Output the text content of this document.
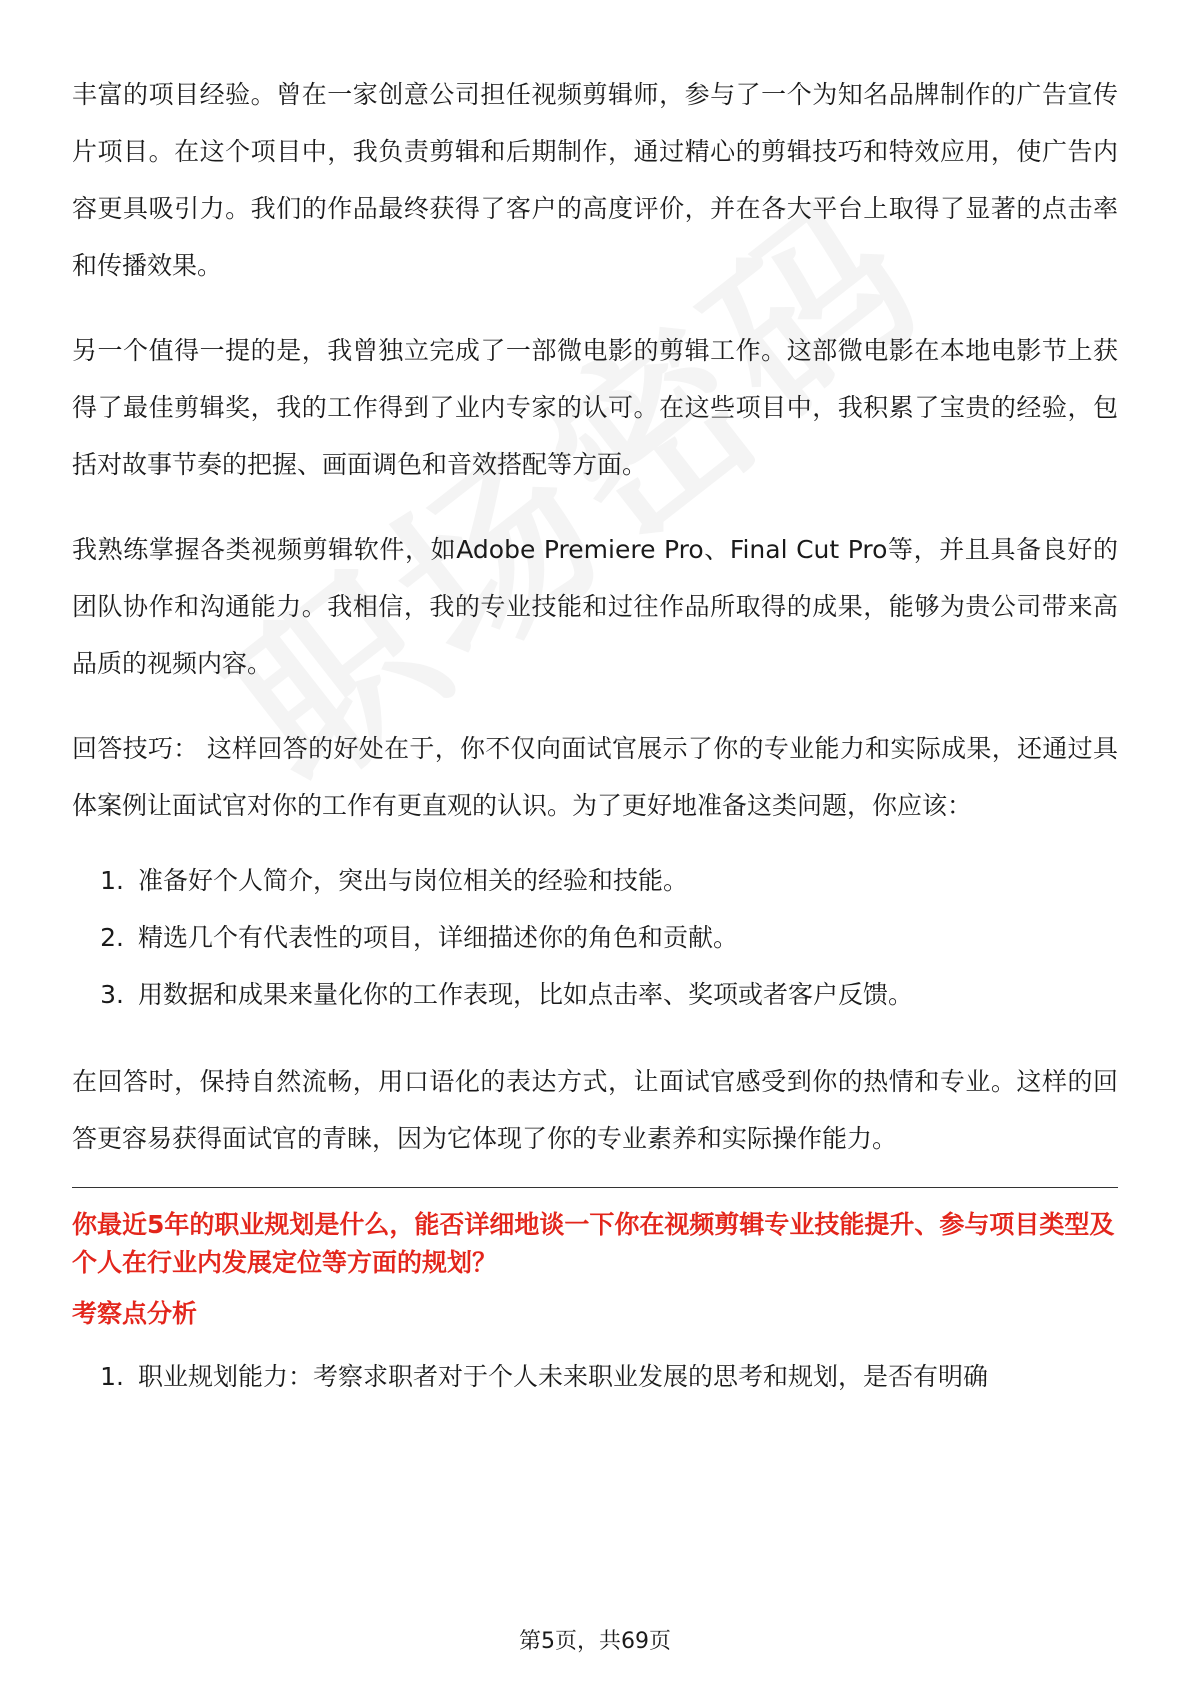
丰富的项目经验。曾在一家创意公司担任视频剪辑师，参与了一个为知名品牌制作的广告宣传片项目。在这个项目中，我负责剪辑和后期制作，通过精心的剪辑技巧和特效应用，使广告内容更具吸引力。我们的作品最终获得了客户的高度评价，并在各大平台上取得了显著的点击率和传播效果。

另一个值得一提的是，我曾独立完成了一部微电影的剪辑工作。这部微电影在本地电影节上获得了最佳剪辑奖，我的工作得到了业内专家的认可。在这些项目中，我积累了宝贵的经验，包括对故事节奏的把握、画面调色和音效搭配等方面。

我熟练掌握各类视频剪辑软件，如Adobe Premiere Pro、Final Cut Pro等，并且具备良好的团队协作和沟通能力。我相信，我的专业技能和过往作品所取得的成果，能够为贵公司带来高品质的视频内容。

回答技巧： 这样回答的好处在于，你不仅向面试官展示了你的专业能力和实际成果，还通过具体案例让面试官对你的工作有更直观的认识。为了更好地准备这类问题，你应该：

1. 准备好个人简介，突出与岗位相关的经验和技能。
2. 精选几个有代表性的项目，详细描述你的角色和贡献。
3. 用数据和成果来量化你的工作表现，比如点击率、奖项或者客户反馈。

在回答时，保持自然流畅，用口语化的表达方式，让面试官感受到你的热情和专业。这样的回答更容易获得面试官的青睐，因为它体现了你的专业素养和实际操作能力。

你最近5年的职业规划是什么，能否详细地谈一下你在视频剪辑专业技能提升、参与项目类型及个人在行业内发展定位等方面的规划？

考察点分析

1. 职业规划能力：考察求职者对于个人未来职业发展的思考和规划，是否有明确
第5页，共69页
